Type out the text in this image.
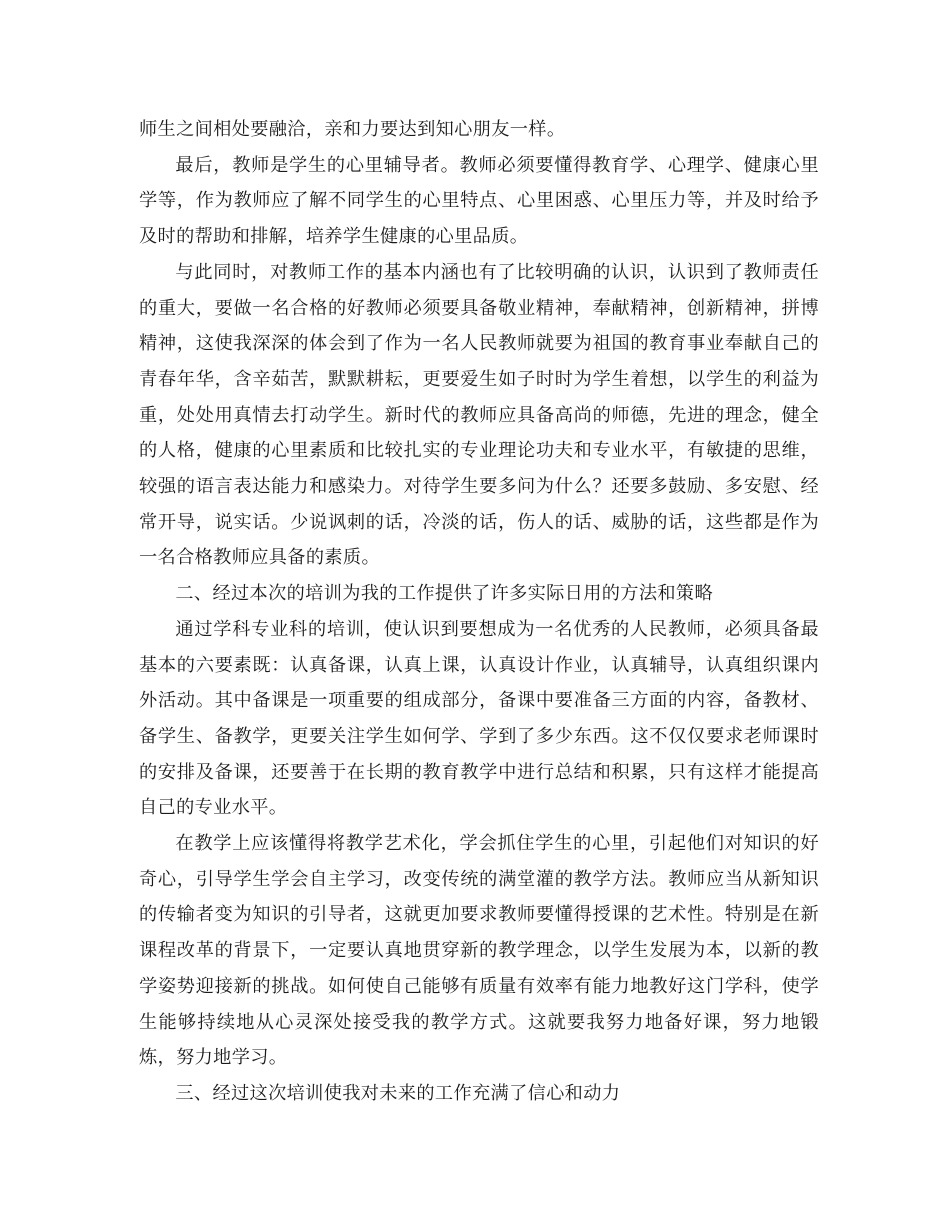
师生之间相处要融洽，亲和力要达到知心朋友一样。

最后，教师是学生的心里辅导者。教师必须要懂得教育学、心理学、健康心里学等，作为教师应了解不同学生的心里特点、心里困惑、心里压力等，并及时给予及时的帮助和排解，培养学生健康的心里品质。

与此同时，对教师工作的基本内涵也有了比较明确的认识，认识到了教师责任的重大，要做一名合格的好教师必须要具备敬业精神，奉献精神，创新精神，拼博精神，这使我深深的体会到了作为一名人民教师就要为祖国的教育事业奉献自己的青春年华，含辛茹苦，默默耕耘，更要爱生如子时时为学生着想，以学生的利益为重，处处用真情去打动学生。新时代的教师应具备高尚的师德，先进的理念，健全的人格，健康的心里素质和比较扎实的专业理论功夫和专业水平，有敏捷的思维，较强的语言表达能力和感染力。对待学生要多问为什么？还要多鼓励、多安慰、经常开导，说实话。少说讽刺的话，冷淡的话，伤人的话、威胁的话，这些都是作为一名合格教师应具备的素质。

二、经过本次的培训为我的工作提供了许多实际日用的方法和策略

通过学科专业科的培训，使认识到要想成为一名优秀的人民教师，必须具备最基本的六要素既：认真备课，认真上课，认真设计作业，认真辅导，认真组织课内外活动。其中备课是一项重要的组成部分，备课中要准备三方面的内容，备教材、备学生、备教学，更要关注学生如何学、学到了多少东西。这不仅仅要求老师课时的安排及备课，还要善于在长期的教育教学中进行总结和积累，只有这样才能提高自己的专业水平。

在教学上应该懂得将教学艺术化，学会抓住学生的心里，引起他们对知识的好奇心，引导学生学会自主学习，改变传统的满堂灌的教学方法。教师应当从新知识的传输者变为知识的引导者，这就更加要求教师要懂得授课的艺术性。特别是在新课程改革的背景下，一定要认真地贯穿新的教学理念，以学生发展为本，以新的教学姿势迎接新的挑战。如何使自己能够有质量有效率有能力地教好这门学科，使学生能够持续地从心灵深处接受我的教学方式。这就要我努力地备好课，努力地锻炼，努力地学习。

三、经过这次培训使我对未来的工作充满了信心和动力
